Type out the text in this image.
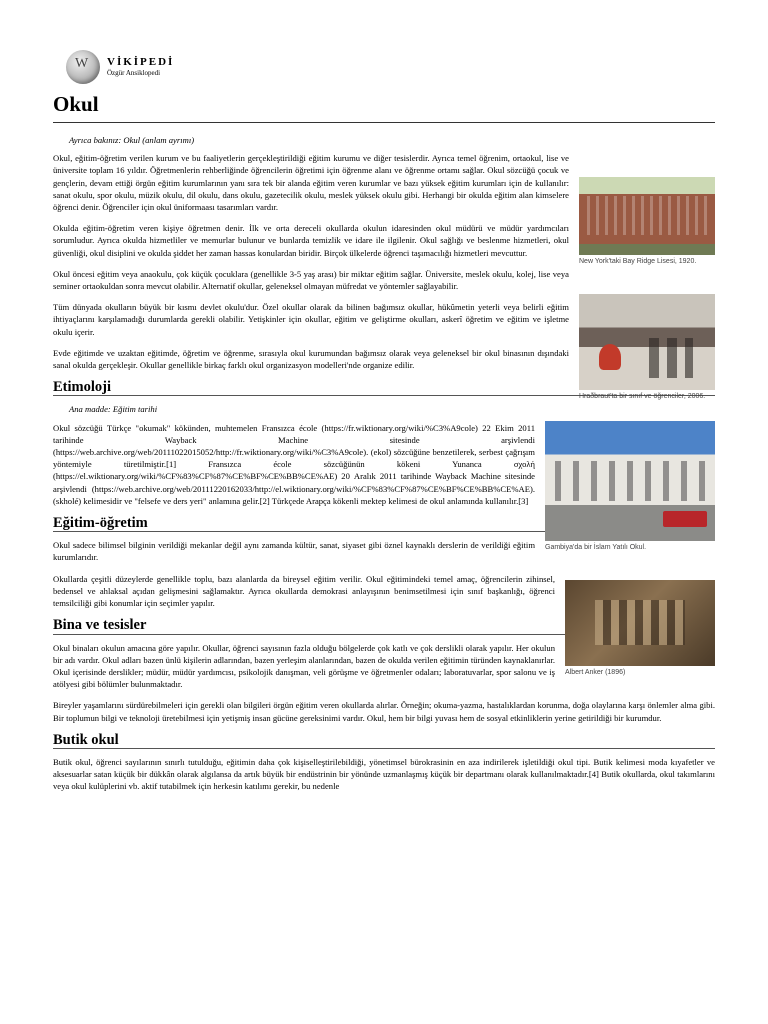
W
VİKİPEDİ
Özgür Ansiklopedi
Okul
Ayrıca bakınız: Okul (anlam ayrımı)
New York'taki Bay Ridge Lisesi, 1920.

Okul, eğitim-öğretim verilen kurum ve bu faaliyetlerin gerçekleştirildiği eğitim kurumu ve diğer tesislerdir. Ayrıca temel öğrenim, ortaokul, lise ve üniversite toplam 16 yıldır. Öğretmenlerin rehberliğinde öğrencilerin öğretimi için öğrenme alanı ve öğrenme ortamı sağlar. Okul sözcüğü çocuk ve gençlerin, devam ettiği örgün eğitim kurumlarının yanı sıra tek bir alanda eğitim veren kurumlar ve bazı yüksek eğitim kurumları için de kullanılır: sanat okulu, spor okulu, müzik okulu, dil okulu, dans okulu, gazetecilik okulu, meslek yüksek okulu gibi. Herhangi bir okulda eğitim alan kimselere öğrenci denir. Öğrenciler için okul üniformaası tasarımları vardır.

Hraðbraut'ta bir sınıf ve öğrenciler, 2006.

Okulda eğitim-öğretim veren kişiye öğretmen denir. İlk ve orta dereceli okullarda okulun idaresinden okul müdürü ve müdür yardımcıları sorumludur. Ayrıca okulda hizmetliler ve memurlar bulunur ve bunlarda temizlik ve idare ile ilgilenir. Okul sağlığı ve beslenme hizmetleri, okul güvenliği, okul disiplini ve okulda şiddet her zaman hassas konulardan biridir. Birçok ülkelerde öğrenci taşımacılığı hizmetleri mevcuttur.

Okul öncesi eğitim veya anaokulu, çok küçük çocuklara (genellikle 3-5 yaş arası) bir miktar eğitim sağlar. Üniversite, meslek okulu, kolej, lise veya seminer ortaokuldan sonra mevcut olabilir. Alternatif okullar, geleneksel olmayan müfredat ve yöntemler sağlayabilir.

Tüm dünyada okulların büyük bir kısmı devlet okulu'dur. Özel okullar olarak da bilinen bağımsız okullar, hükûmetin yeterli veya belirli eğitim ihtiyaçlarını karşılamadığı durumlarda gerekli olabilir. Yetişkinler için okullar, eğitim ve geliştirme okulları, askerî öğretim ve eğitim ve işletme okulu içerir.

Gambiya'da bir İslam Yatılı Okul.

Evde eğitimde ve uzaktan eğitimde, öğretim ve öğrenme, sırasıyla okul kurumundan bağımsız olarak veya geleneksel bir okul binasının dışındaki sanal okulda gerçekleşir. Okullar genellikle birkaç farklı okul organizasyon modelleri'nde organize edilir.

Etimoloji
Ana madde: Eğitim tarihi
Albert Anker (1896)

Okul sözcüğü Türkçe "okumak" kökünden, muhtemelen Fransızca école (https://fr.wiktionary.org/wiki/%C3%A9cole) 22 Ekim 2011 tarihinde Wayback Machine sitesinde arşivlendi (https://web.archive.org/web/20111022015052/http://fr.wiktionary.org/wiki/%C3%A9cole). (ekol) sözcüğüne benzetilerek, serbest çağrışım yöntemiyle türetilmiştir.[1] Fransızca école sözcüğünün kökeni Yunanca σχολή (https://el.wiktionary.org/wiki/%CF%83%CF%87%CE%BF%CE%BB%CE%AE) 20 Aralık 2011 tarihinde Wayback Machine sitesinde arşivlendi (https://web.archive.org/web/20111220162033/http://el.wiktionary.org/wiki/%CF%83%CF%87%CE%BF%CE%BB%CE%AE). (skholé) kelimesidir ve "felsefe ve ders yeri" anlamına gelir.[2] Türkçede Arapça kökenli mektep kelimesi de okul anlamında kullanılır.[3]

Eğitim-öğretim

Okul sadece bilimsel bilginin verildiği mekanlar değil aynı zamanda kültür, sanat, siyaset gibi öznel kaynaklı derslerin de verildiği eğitim kurumlarıdır.

Okullarda çeşitli düzeylerde genellikle toplu, bazı alanlarda da bireysel eğitim verilir. Okul eğitimindeki temel amaç, öğrencilerin zihinsel, bedensel ve ahlaksal açıdan gelişmesini sağlamaktır. Ayrıca okullarda demokrasi anlayışının benimsetilmesi için sınıf başkanlığı, öğrenci temsilciliği gibi konumlar için seçimler yapılır.

Bina ve tesisler

Okul binaları okulun amacına göre yapılır. Okullar, öğrenci sayısının fazla olduğu bölgelerde çok katlı ve çok derslikli olarak yapılır. Her okulun bir adı vardır. Okul adları bazen ünlü kişilerin adlarından, bazen yerleşim alanlarından, bazen de okulda verilen eğitimin türünden kaynaklanırlar. Okul içerisinde derslikler; müdür, müdür yardımcısı, psikolojik danışman, veli görüşme ve öğretmenler odaları; laboratuvarlar, spor salonu ve iş atölyesi gibi bölümler bulunmaktadır.

Bireyler yaşamlarını sürdürebilmeleri için gerekli olan bilgileri örgün eğitim veren okullarda alırlar. Örneğin; okuma-yazma, hastalıklardan korunma, doğa olaylarına karşı önlemler alma gibi. Bir toplumun bilgi ve teknoloji üretebilmesi için yetişmiş insan gücüne gereksinimi vardır. Okul, hem bir bilgi yuvası hem de sosyal etkinliklerin yerine getirildiği bir kurumdur.

Butik okul

Butik okul, öğrenci sayılarının sınırlı tutulduğu, eğitimin daha çok kişiselleştirilebildiği, yönetimsel bürokrasinin en aza indirilerek işletildiği okul tipi. Butik kelimesi moda kıyafetler ve aksesuarlar satan küçük bir dükkân olarak algılansa da artık büyük bir endüstrinin bir yönünde uzmanlaşmış küçük bir departmanı olarak kullanılmaktadır.[4] Butik okullarda, okul takımlarını veya okul kulüplerini vb. aktif tutabilmek için herkesin katılımı gerekir, bu nedenle
